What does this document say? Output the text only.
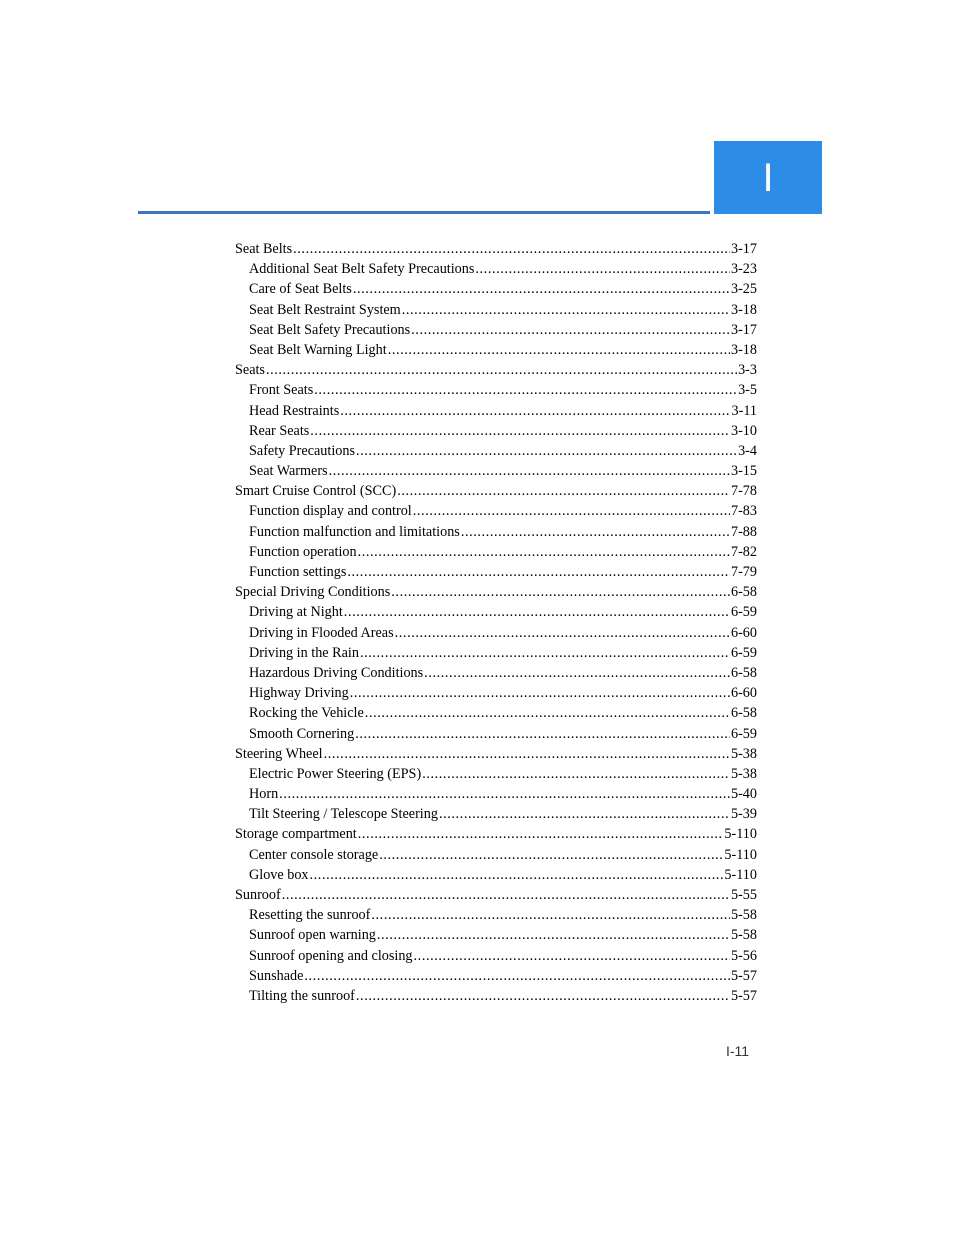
I
Seat Belts .....	3-17
Additional Seat Belt Safety Precautions .....	3-23
Care of Seat Belts .....	3-25
Seat Belt Restraint System .....	3-18
Seat Belt Safety Precautions .....	3-17
Seat Belt Warning Light .....	3-18
Seats .....	3-3
Front Seats .....	3-5
Head Restraints .....	3-11
Rear Seats .....	3-10
Safety Precautions .....	3-4
Seat Warmers .....	3-15
Smart Cruise Control (SCC) .....	7-78
Function display and control .....	7-83
Function malfunction and limitations .....	7-88
Function operation .....	7-82
Function settings .....	7-79
Special Driving Conditions .....	6-58
Driving at Night .....	6-59
Driving in Flooded Areas .....	6-60
Driving in the Rain .....	6-59
Hazardous Driving Conditions .....	6-58
Highway Driving .....	6-60
Rocking the Vehicle .....	6-58
Smooth Cornering .....	6-59
Steering Wheel .....	5-38
Electric Power Steering (EPS) .....	5-38
Horn .....	5-40
Tilt Steering / Telescope Steering .....	5-39
Storage compartment .....	5-110
Center console storage .....	5-110
Glove box .....	5-110
Sunroof .....	5-55
Resetting the sunroof .....	5-58
Sunroof open warning .....	5-58
Sunroof opening and closing .....	5-56
Sunshade .....	5-57
Tilting the sunroof .....	5-57
I-11
